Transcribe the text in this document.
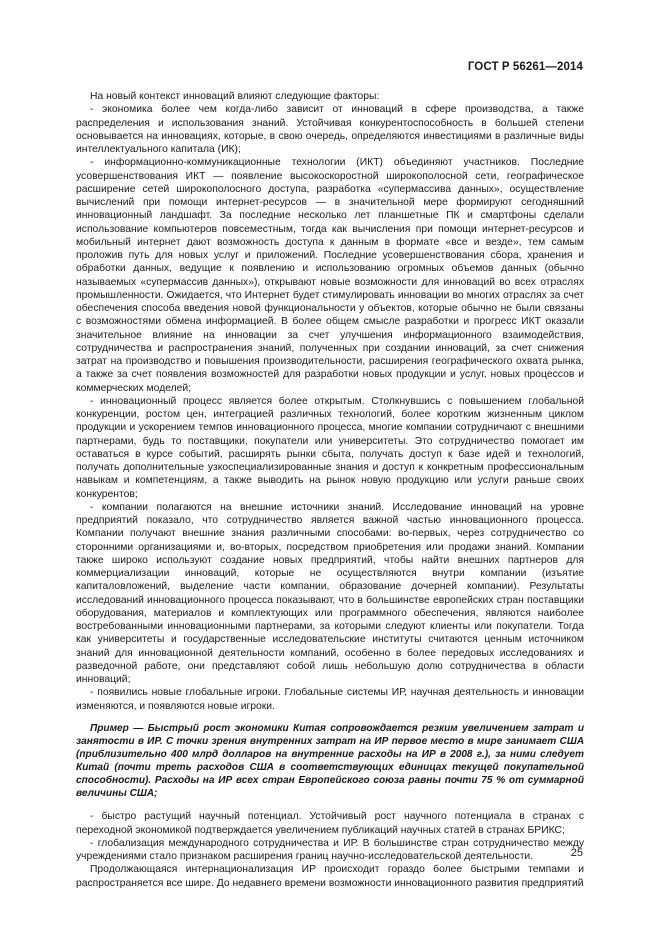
ГОСТ Р 56261—2014

На новый контекст инноваций влияют следующие факторы:

- экономика более чем когда-либо зависит от инноваций в сфере производства, а также распределения и использования знаний. Устойчивая конкурентоспособность в большей степени основывается на инновациях, которые, в свою очередь, определяются инвестициями в различные виды интеллектуального капитала (ИК);

- информационно-коммуникационные технологии (ИКТ) объединяют участников. Последние усовершенствования ИКТ — появление высокоскоростной широкополосной сети, географическое расширение сетей широкополосного доступа, разработка «супермассива данных», осуществление вычислений при помощи интернет-ресурсов — в значительной мере формируют сегодняшний инновационный ландшафт. За последние несколько лет планшетные ПК и смартфоны сделали использование компьютеров повсеместным, тогда как вычисления при помощи интернет-ресурсов и мобильный интернет дают возможность доступа к данным в формате «все и везде», тем самым проложив путь для новых услуг и приложений. Последние усовершенствования сбора, хранения и обработки данных, ведущие к появлению и использованию огромных объемов данных (обычно называемых «супермассив данных»), открывают новые возможности для инноваций во всех отраслях промышленности. Ожидается, что Интернет будет стимулировать инновации во многих отраслях за счет обеспечения способа введения новой функциональности у объектов, которые обычно не были связаны с возможностями обмена информацией. В более общем смысле разработки и прогресс ИКТ оказали значительное влияние на инновации за счет улучшения информационного взаимодействия, сотрудничества и распространения знаний, полученных при создании инноваций, за счет снижения затрат на производство и повышения производительности, расширения географического охвата рынка, а также за счет появления возможностей для разработки новых продукции и услуг, новых процессов и коммерческих моделей;

- инновационный процесс является более открытым. Столкнувшись с повышением глобальной конкуренции, ростом цен, интеграцией различных технологий, более коротким жизненным циклом продукции и ускорением темпов инновационного процесса, многие компании сотрудничают с внешними партнерами, будь то поставщики, покупатели или университеты. Это сотрудничество помогает им оставаться в курсе событий, расширять рынки сбыта, получать доступ к базе идей и технологий, получать дополнительные узкоспециализированные знания и доступ к конкретным профессиональным навыкам и компетенциям, а также выводить на рынок новую продукцию или услуги раньше своих конкурентов;

- компании полагаются на внешние источники знаний. Исследование инноваций на уровне предприятий показало, что сотрудничество является важной частью инновационного процесса. Компании получают внешние знания различными способами: во-первых, через сотрудничество со сторонними организациями и, во-вторых, посредством приобретения или продажи знаний. Компании также широко используют создание новых предприятий, чтобы найти внешних партнеров для коммерциализации инноваций, которые не осуществляются внутри компании (изъятие капиталовложений, выделение части компании, образование дочерней компании). Результаты исследований инновационного процесса показывают, что в большинстве европейских стран поставщики оборудования, материалов и комплектующих или программного обеспечения, являются наиболее востребованными инновационными партнерами, за которыми следуют клиенты или покупатели. Тогда как университеты и государственные исследовательские институты считаются ценным источником знаний для инновационной деятельности компаний, особенно в более передовых исследованиях и разведочной работе, они представляют собой лишь небольшую долю сотрудничества в области инноваций;

- появились новые глобальные игроки. Глобальные системы ИР, научная деятельность и инновации изменяются, и появляются новые игроки.

Пример — Быстрый рост экономики Китая сопровождается резким увеличением затрат и занятости в ИР. С точки зрения внутренних затрат на ИР первое место в мире занимает США (приблизительно 400 млрд долларов на внутренние расходы на ИР в 2008 г.), за ними следует Китай (почти треть расходов США в соответствующих единицах текущей покупательной способности). Расходы на ИР всех стран Европейского союза равны почти 75 % от суммарной величины США;

- быстро растущий научный потенциал. Устойчивый рост научного потенциала в странах с переходной экономикой подтверждается увеличением публикаций научных статей в странах БРИКС;

- глобализация международного сотрудничества и ИР. В большинстве стран сотрудничество между учреждениями стало признаком расширения границ научно-исследовательской деятельности.

Продолжающаяся интернационализация ИР происходит гораздо более быстрыми темпами и распространяется все шире. До недавнего времени возможности инновационного развития предприятий

25
